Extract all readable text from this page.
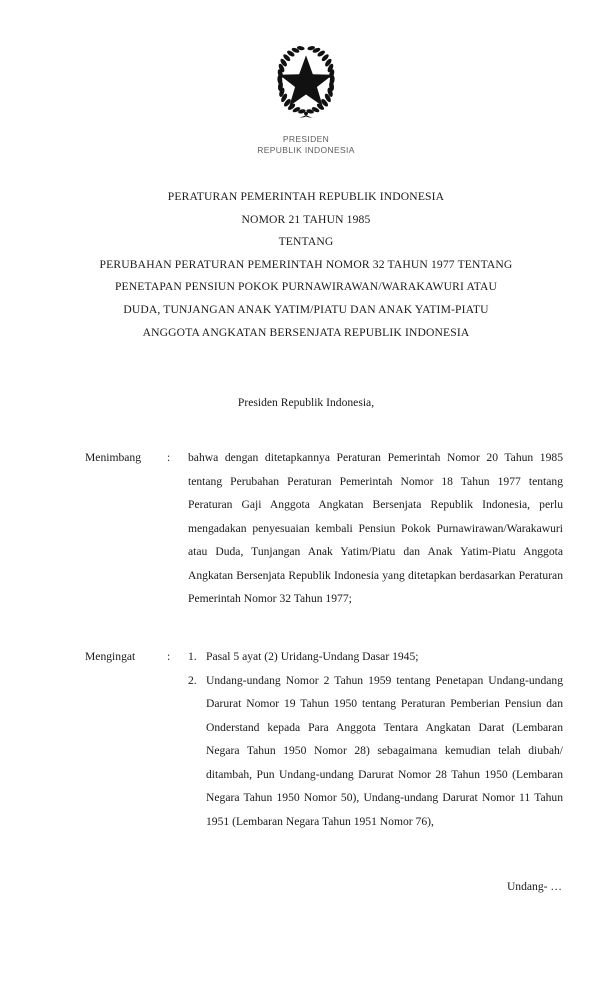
PRESIDEN
REPUBLIK INDONESIA
PERATURAN PEMERINTAH REPUBLIK INDONESIA
NOMOR 21 TAHUN 1985
TENTANG
PERUBAHAN PERATURAN PEMERINTAH NOMOR 32 TAHUN 1977 TENTANG
PENETAPAN PENSIUN POKOK PURNAWIRAWAN/WARAKAWURI ATAU
DUDA, TUNJANGAN ANAK YATIM/PIATU DAN ANAK YATIM-PIATU
ANGGOTA ANGKATAN BERSENJATA REPUBLIK INDONESIA
Presiden Republik Indonesia,
Menimbang	:	bahwa dengan ditetapkannya Peraturan Pemerintah Nomor 20 Tahun 1985 tentang Perubahan Peraturan Pemerintah Nomor 18 Tahun 1977 tentang Peraturan Gaji Anggota Angkatan Bersenjata Republik Indonesia, perlu mengadakan penyesuaian kembali Pensiun Pokok Purnawirawan/Warakawuri atau Duda, Tunjangan Anak Yatim/Piatu dan Anak Yatim-Piatu Anggota Angkatan Bersenjata Republik Indonesia yang ditetapkan berdasarkan Peraturan Pemerintah Nomor 32 Tahun 1977;

Mengingat	:	1. Pasal 5 ayat (2) Uridang-Undang Dasar 1945;
2. Undang-undang Nomor 2 Tahun 1959 tentang Penetapan Undang-undang Darurat Nomor 19 Tahun 1950 tentang Peraturan Pemberian Pensiun dan Onderstand kepada Para Anggota Tentara Angkatan Darat (Lembaran Negara Tahun 1950 Nomor 28) sebagaimana kemudian telah diubah/ ditambah, Pun Undang-undang Darurat Nomor 28 Tahun 1950 (Lembaran Negara Tahun 1950 Nomor 50), Undang-undang Darurat Nomor 11 Tahun 1951 (Lembaran Negara Tahun 1951 Nomor 76),
Undang- …
